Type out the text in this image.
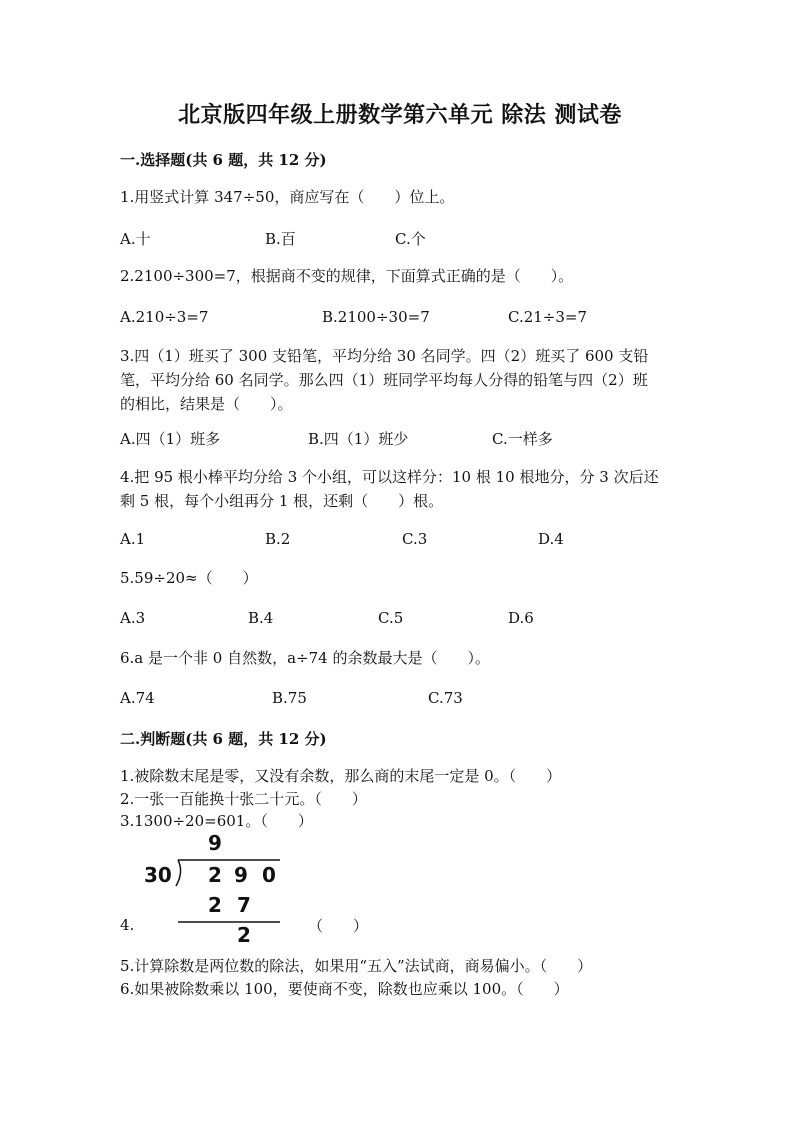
北京版四年级上册数学第六单元 除法 测试卷
一.选择题(共 6 题，共 12 分)
1.用竖式计算 347÷50，商应写在（　　）位上。
A.十	B.百	C.个
2.2100÷300=7，根据商不变的规律，下面算式正确的是（　　）。
A.210÷3=7	B.2100÷30=7	C.21÷3=7
3.四（1）班买了 300 支铅笔，平均分给 30 名同学。四（2）班买了 600 支铅
笔，平均分给 60 名同学。那么四（1）班同学平均每人分得的铅笔与四（2）班
的相比，结果是（　　）。
A.四（1）班多	B.四（1）班少	C.一样多
4.把 95 根小棒平均分给 3 个小组，可以这样分：10 根 10 根地分，分 3 次后还
剩 5 根，每个小组再分 1 根，还剩（　　）根。
A.1	B.2	C.3	D.4
5.59÷20≈（　　）
A.3	B.4	C.5	D.6
6.a 是一个非 0 自然数，a÷74 的余数最大是（　　）。
A.74	B.75	C.73
二.判断题(共 6 题，共 12 分)
1.被除数末尾是零，又没有余数，那么商的末尾一定是 0。（　　）
2.一张一百能换十张二十元。（　　）
3.1300÷20=601。（　　）
4.	（　　）
9
30 2 9 0
2 7
2
5.计算除数是两位数的除法，如果用“五入”法试商，商易偏小。（　　）
6.如果被除数乘以 100，要使商不变，除数也应乘以 100。（　　）
